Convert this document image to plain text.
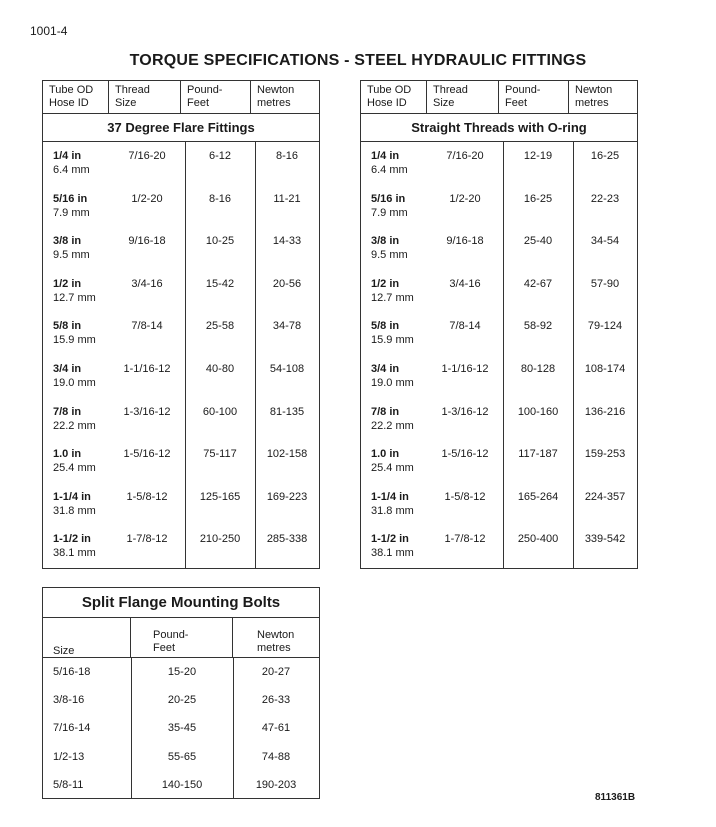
1001-4
TORQUE SPECIFICATIONS - STEEL HYDRAULIC FITTINGS
Tube OD
Hose ID
Thread
Size
Pound-
Feet
Newton
metres
37 Degree Flare Fittings
1/4 in
6.4 mm
7/16-20	6-12	8-16
5/16 in
7.9 mm
1/2-20	8-16	11-21
3/8 in
9.5 mm
9/16-18	10-25	14-33
1/2 in
12.7 mm
3/4-16	15-42	20-56
5/8 in
15.9 mm
7/8-14	25-58	34-78
3/4 in
19.0 mm
1-1/16-12	40-80	54-108
7/8 in
22.2 mm
1-3/16-12	60-100	81-135
1.0 in
25.4 mm
1-5/16-12	75-117	102-158
1-1/4 in
31.8 mm
1-5/8-12	125-165	169-223
1-1/2 in
38.1 mm
1-7/8-12	210-250	285-338
Tube OD
Hose ID
Thread
Size
Pound-
Feet
Newton
metres
Straight Threads with O-ring
1/4 in
6.4 mm
7/16-20	12-19	16-25
5/16 in
7.9 mm
1/2-20	16-25	22-23
3/8 in
9.5 mm
9/16-18	25-40	34-54
1/2 in
12.7 mm
3/4-16	42-67	57-90
5/8 in
15.9 mm
7/8-14	58-92	79-124
3/4 in
19.0 mm
1-1/16-12	80-128	108-174
7/8 in
22.2 mm
1-3/16-12	100-160	136-216
1.0 in
25.4 mm
1-5/16-12	117-187	159-253
1-1/4 in
31.8 mm
1-5/8-12	165-264	224-357
1-1/2 in
38.1 mm
1-7/8-12	250-400	339-542
Split Flange Mounting Bolts
Size
Pound-
Feet
Newton
metres
5/16-18	15-20	20-27
3/8-16	20-25	26-33
7/16-14	35-45	47-61
1/2-13	55-65	74-88
5/8-11	140-150	190-203
811361B
